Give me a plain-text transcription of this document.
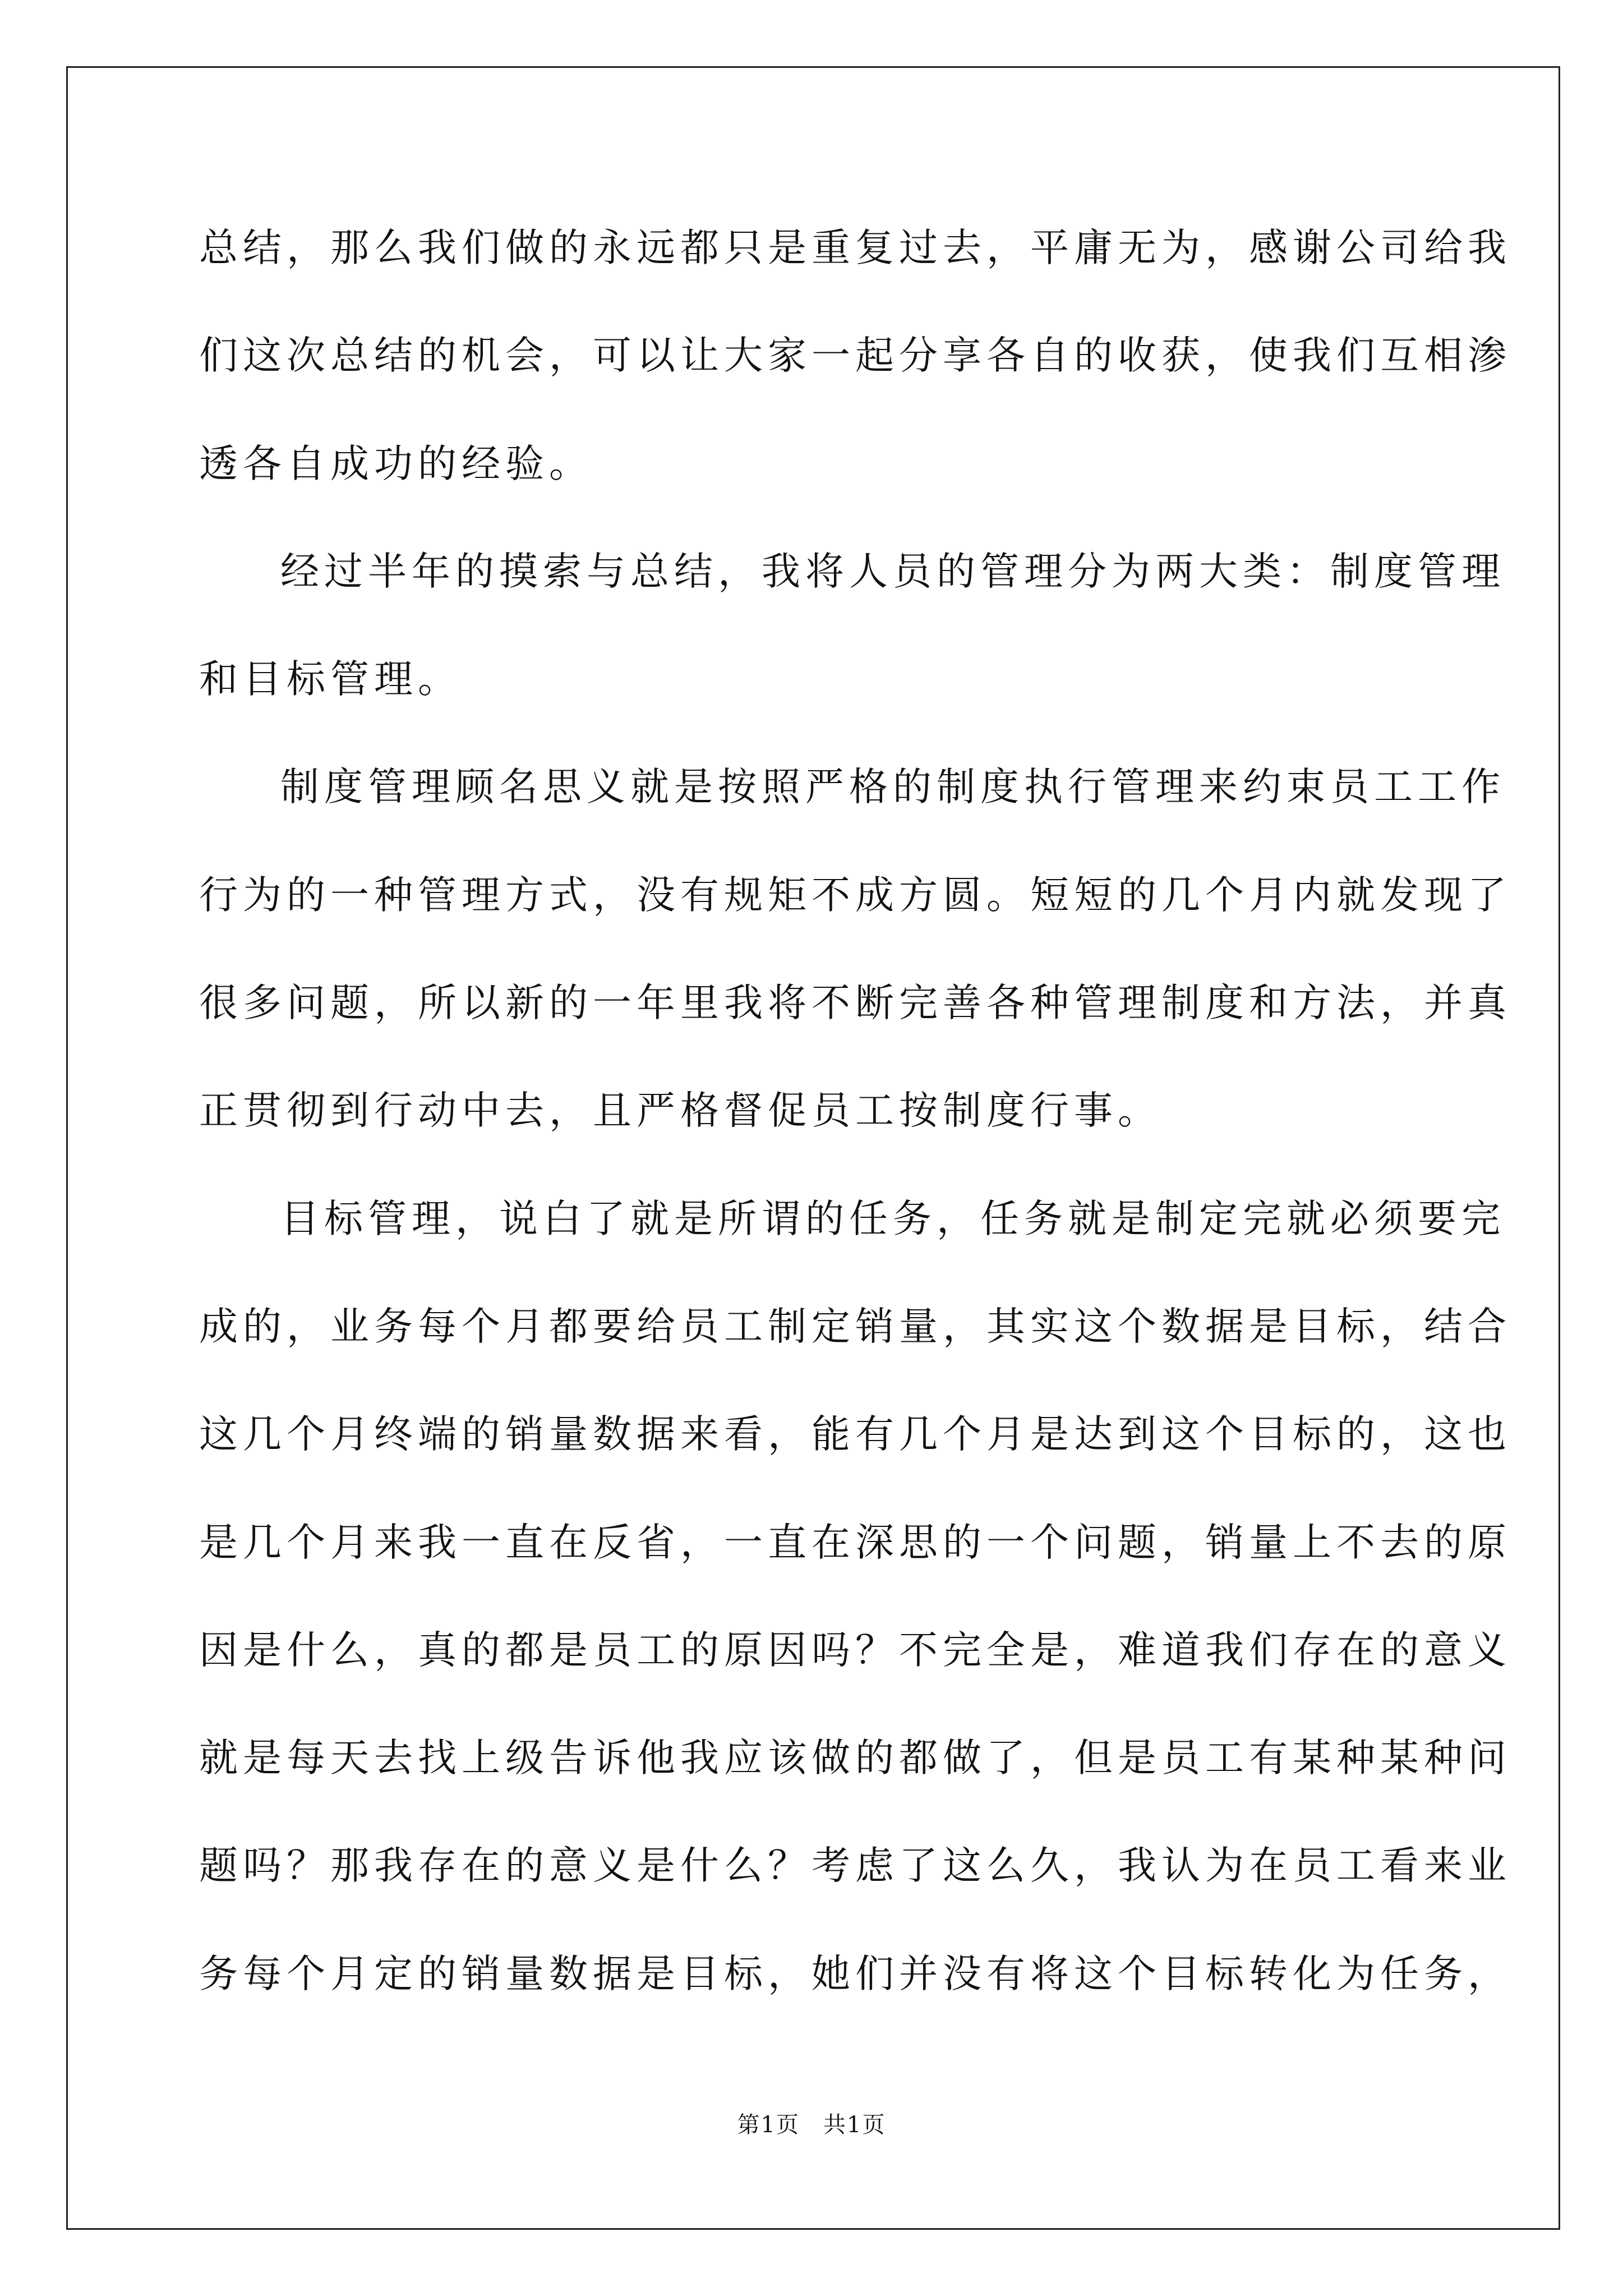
总结，那么我们做的永远都只是重复过去，平庸无为，感谢公司给我
们这次总结的机会，可以让大家一起分享各自的收获，使我们互相渗
透各自成功的经验。
经过半年的摸索与总结，我将人员的管理分为两大类：制度管理
和目标管理。
制度管理顾名思义就是按照严格的制度执行管理来约束员工工作
行为的一种管理方式，没有规矩不成方圆。短短的几个月内就发现了
很多问题，所以新的一年里我将不断完善各种管理制度和方法，并真
正贯彻到行动中去，且严格督促员工按制度行事。
目标管理，说白了就是所谓的任务，任务就是制定完就必须要完
成的，业务每个月都要给员工制定销量，其实这个数据是目标，结合
这几个月终端的销量数据来看，能有几个月是达到这个目标的，这也
是几个月来我一直在反省，一直在深思的一个问题，销量上不去的原
因是什么，真的都是员工的原因吗？不完全是，难道我们存在的意义
就是每天去找上级告诉他我应该做的都做了，但是员工有某种某种问
题吗？那我存在的意义是什么？考虑了这么久，我认为在员工看来业
务每个月定的销量数据是目标，她们并没有将这个目标转化为任务，
第1页　共1页
